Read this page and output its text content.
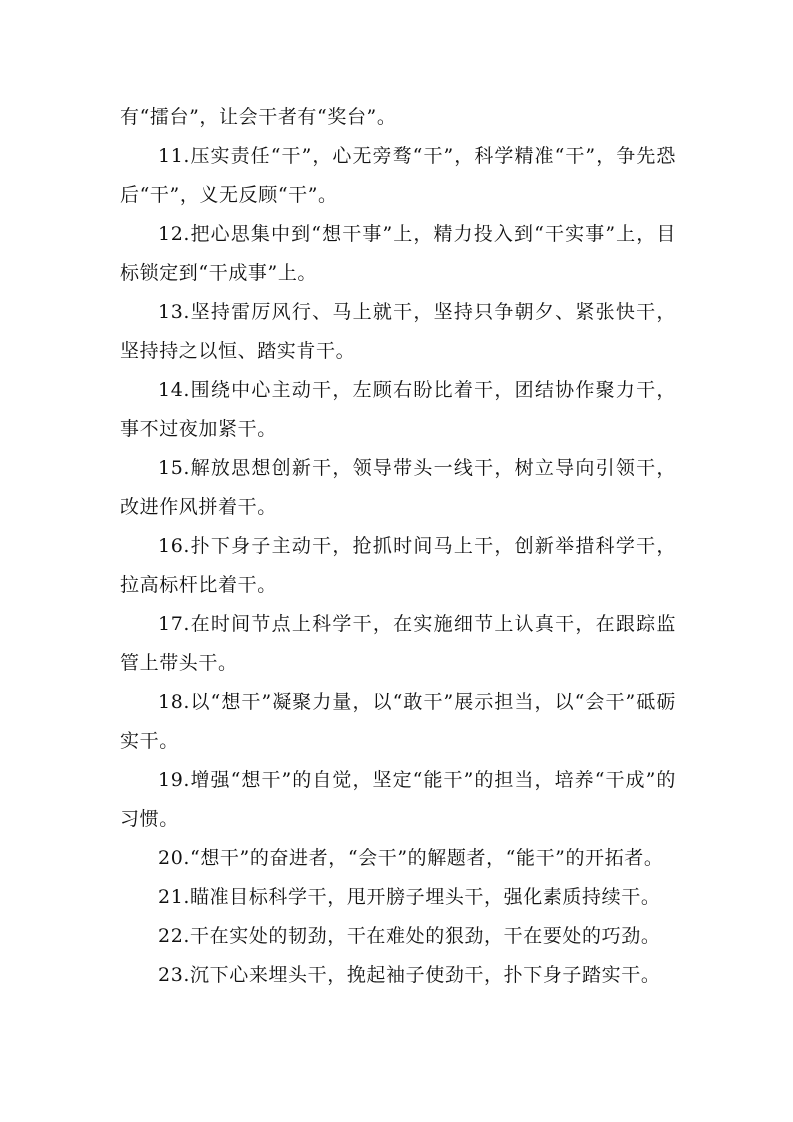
有“擂台”，让会干者有“奖台”。

11.压实责任“干”，心无旁骛“干”，科学精准“干”，争先恐后“干”，义无反顾“干”。

12.把心思集中到“想干事”上，精力投入到“干实事”上，目标锁定到“干成事”上。

13.坚持雷厉风行、马上就干，坚持只争朝夕、紧张快干，坚持持之以恒、踏实肯干。

14.围绕中心主动干，左顾右盼比着干，团结协作聚力干，事不过夜加紧干。

15.解放思想创新干，领导带头一线干，树立导向引领干，改进作风拼着干。

16.扑下身子主动干，抢抓时间马上干，创新举措科学干，拉高标杆比着干。

17.在时间节点上科学干，在实施细节上认真干，在跟踪监管上带头干。

18.以“想干”凝聚力量，以“敢干”展示担当，以“会干”砥砺实干。

19.增强“想干”的自觉，坚定“能干”的担当，培养“干成”的习惯。

20.“想干”的奋进者，“会干”的解题者，“能干”的开拓者。

21.瞄准目标科学干，甩开膀子埋头干，强化素质持续干。

22.干在实处的韧劲，干在难处的狠劲，干在要处的巧劲。

23.沉下心来埋头干，挽起袖子使劲干，扑下身子踏实干。
